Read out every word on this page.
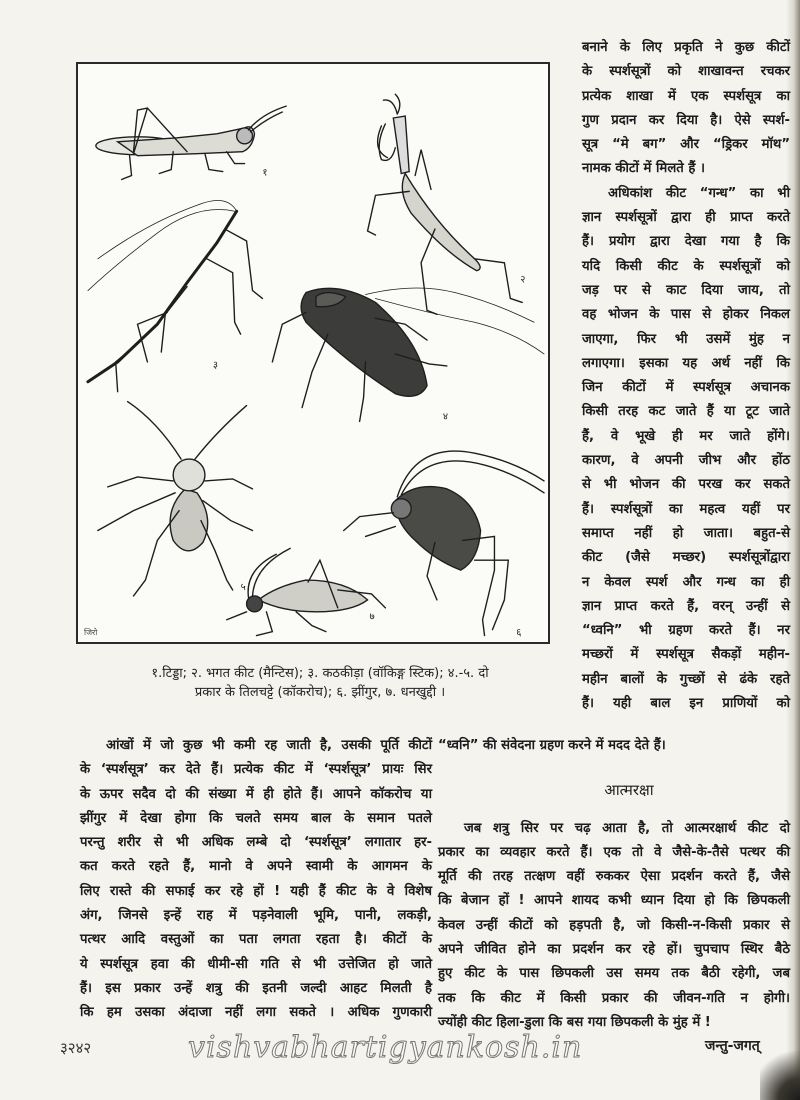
१
२
३
४
५
६
७
जिरो
१.टिड्डा; २. भगत कीट (मैन्टिस); ३. कठकीड़ा (वॉकिङ्ग स्टिक); ४.-५. दो
प्रकार के तिलचट्टे (कॉकरोच); ६. झींगुर, ७. धनखुद्दी ।
बनाने के लिए प्रकृति ने कुछ कीटों
के स्पर्शसूत्रों को शाखावन्त रचकर
प्रत्येक शाखा में एक स्पर्शसूत्र का
गुण प्रदान कर दिया है। ऐसे स्पर्श-
सूत्र “मे बग” और “ड्रिकर मॉथ”
नामक कीटों में मिलते हैं ।
अधिकांश कीट “गन्ध” का भी
ज्ञान स्पर्शसूत्रों द्वारा ही प्राप्त करते
हैं। प्रयोग द्वारा देखा गया है कि
यदि किसी कीट के स्पर्शसूत्रों को
जड़ पर से काट दिया जाय, तो
वह भोजन के पास से होकर निकल
जाएगा, फिर भी उसमें मुंह न
लगाएगा। इसका यह अर्थ नहीं कि
जिन कीटों में स्पर्शसूत्र अचानक
किसी तरह कट जाते हैं या टूट जाते
हैं, वे भूखे ही मर जाते होंगे।
कारण, वे अपनी जीभ और होंठ
से भी भोजन की परख कर सकते
हैं। स्पर्शसूत्रों का महत्व यहीं पर
समाप्त नहीं हो जाता। बहुत-से
कीट (जैसे मच्छर) स्पर्शसूत्रोंद्वारा
न केवल स्पर्श और गन्ध का ही
ज्ञान प्राप्त करते हैं, वरन् उन्हीं से
“ध्वनि” भी ग्रहण करते हैं। नर
मच्छरों में स्पर्शसूत्र सैकड़ों महीन-
महीन बालों के गुच्छों से ढंके रहते
हैं। यही बाल इन प्राणियों को
आंखों में जो कुछ भी कमी रह जाती है, उसकी पूर्ति कीटों
के ‘स्पर्शसूत्र’ कर देते हैं। प्रत्येक कीट में ‘स्पर्शसूत्र’ प्रायः सिर
के ऊपर सदैव दो की संख्या में ही होते हैं। आपने कॉकरोच या
झींगुर में देखा होगा कि चलते समय बाल के समान पतले
परन्तु शरीर से भी अधिक लम्बे दो ‘स्पर्शसूत्र’ लगातार हर-
कत करते रहते हैं, मानो वे अपने स्वामी के आगमन के
लिए रास्ते की सफाई कर रहे हों ! यही हैं कीट के वे विशेष
अंग, जिनसे इन्हें राह में पड़नेवाली भूमि, पानी, लकड़ी,
पत्थर आदि वस्तुओं का पता लगता रहता है। कीटों के
ये स्पर्शसूत्र हवा की धीमी-सी गति से भी उत्तेजित हो जाते
हैं। इस प्रकार उन्हें शत्रु की इतनी जल्दी आहट मिलती है
कि हम उसका अंदाजा नहीं लगा सकते । अधिक गुणकारी
“ध्वनि” की संवेदना ग्रहण करने में मदद देते हैं।
आत्मरक्षा
जब शत्रु सिर पर चढ़ आता है, तो आत्मरक्षार्थ कीट दो
प्रकार का व्यवहार करते हैं। एक तो वे जैसे-के-तैसे पत्थर की
मूर्ति की तरह तत्क्षण वहीं रुककर ऐसा प्रदर्शन करते हैं, जैसे
कि बेजान हों ! आपने शायद कभी ध्यान दिया हो कि छिपकली
केवल उन्हीं कीटों को हड़पती है, जो किसी-न-किसी प्रकार से
अपने जीवित होने का प्रदर्शन कर रहे हों। चुपचाप स्थिर बैठे
हुए कीट के पास छिपकली उस समय तक बैठी रहेगी, जब
तक कि कीट में किसी प्रकार की जीवन-गति न होगी।
ज्योंही कीट हिला-डुला कि बस गया छिपकली के मुंह में !
३२४२	vishvabhartigyankosh.in	जन्तु-जगत्
